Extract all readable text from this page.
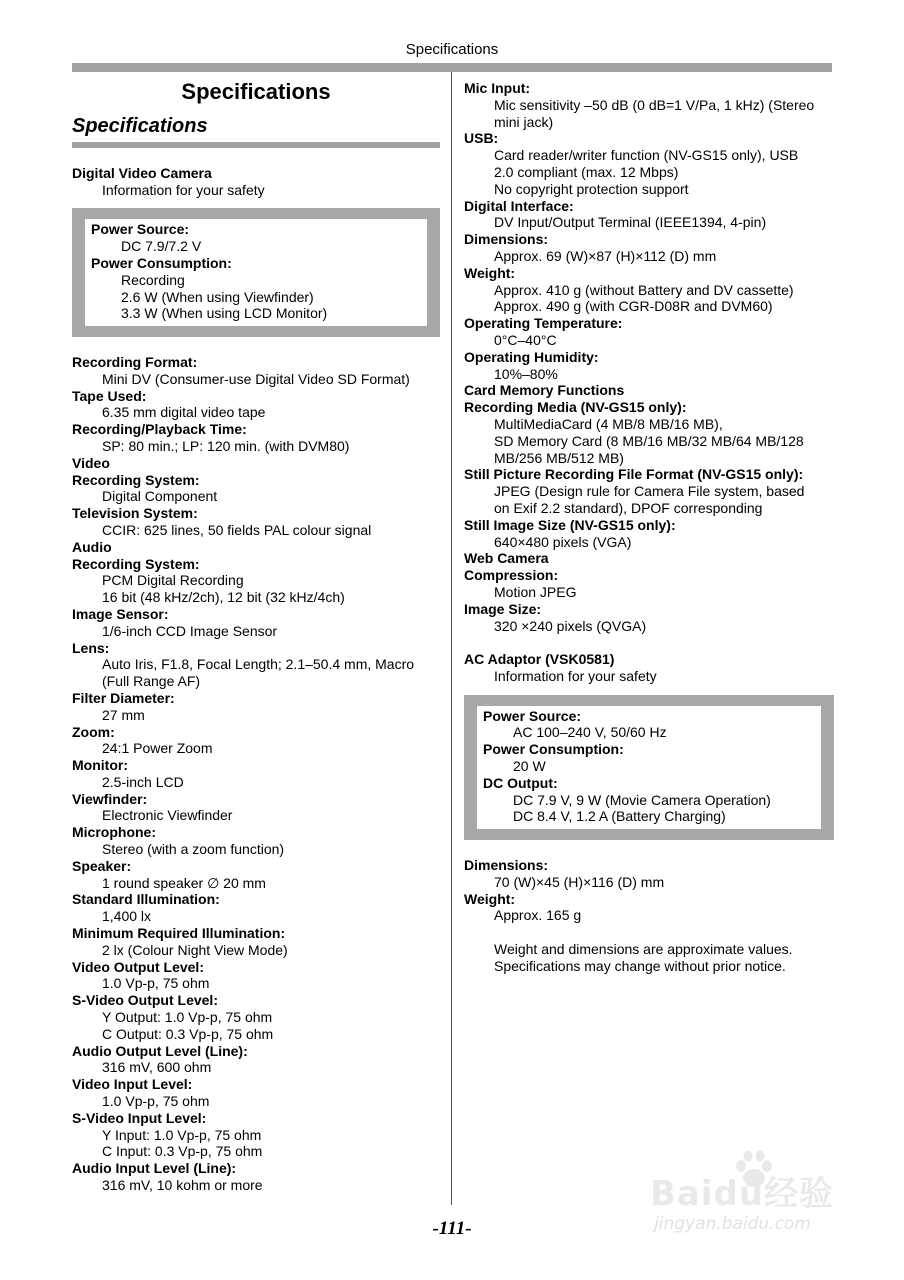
Specifications
Specifications
Specifications
Digital Video Camera
Information for your safety
Power Source:
DC 7.9/7.2 V
Power Consumption:
Recording
2.6 W (When using Viewfinder)
3.3 W (When using LCD Monitor)
Recording Format:
Mini DV (Consumer-use Digital Video SD Format)
Tape Used:
6.35 mm digital video tape
Recording/Playback Time:
SP: 80 min.; LP: 120 min. (with DVM80)
Video
Recording System:
Digital Component
Television System:
CCIR: 625 lines, 50 fields PAL colour signal
Audio
Recording System:
PCM Digital Recording
16 bit (48 kHz/2ch), 12 bit (32 kHz/4ch)
Image Sensor:
1/6-inch CCD Image Sensor
Lens:
Auto Iris, F1.8, Focal Length; 2.1–50.4 mm, Macro
(Full Range AF)
Filter Diameter:
27 mm
Zoom:
24:1 Power Zoom
Monitor:
2.5-inch LCD
Viewfinder:
Electronic Viewfinder
Microphone:
Stereo (with a zoom function)
Speaker:
1 round speaker ∅ 20 mm
Standard Illumination:
1,400 lx
Minimum Required Illumination:
2 lx (Colour Night View Mode)
Video Output Level:
1.0 Vp-p, 75 ohm
S-Video Output Level:
Y Output: 1.0 Vp-p, 75 ohm
C Output: 0.3 Vp-p, 75 ohm
Audio Output Level (Line):
316 mV, 600 ohm
Video Input Level:
1.0 Vp-p, 75 ohm
S-Video Input Level:
Y Input: 1.0 Vp-p, 75 ohm
C Input: 0.3 Vp-p, 75 ohm
Audio Input Level (Line):
316 mV, 10 kohm or more
Mic Input:
Mic sensitivity –50 dB (0 dB=1 V/Pa, 1 kHz) (Stereo
mini jack)
USB:
Card reader/writer function (NV-GS15 only), USB
2.0 compliant (max. 12 Mbps)
No copyright protection support
Digital Interface:
DV Input/Output Terminal (IEEE1394, 4-pin)
Dimensions:
Approx. 69 (W)×87 (H)×112 (D) mm
Weight:
Approx. 410 g (without Battery and DV cassette)
Approx. 490 g (with CGR-D08R and DVM60)
Operating Temperature:
0°C–40°C
Operating Humidity:
10%–80%
Card Memory Functions
Recording Media (NV-GS15 only):
MultiMediaCard (4 MB/8 MB/16 MB),
SD Memory Card (8 MB/16 MB/32 MB/64 MB/128
MB/256 MB/512 MB)
Still Picture Recording File Format (NV-GS15 only):
JPEG (Design rule for Camera File system, based
on Exif 2.2 standard), DPOF corresponding
Still Image Size (NV-GS15 only):
640×480 pixels (VGA)
Web Camera
Compression:
Motion JPEG
Image Size:
320 ×240 pixels (QVGA)
AC Adaptor (VSK0581)
Information for your safety
Power Source:
AC 100–240 V, 50/60 Hz
Power Consumption:
20 W
DC Output:
DC 7.9 V, 9 W (Movie Camera Operation)
DC 8.4 V, 1.2 A (Battery Charging)
Dimensions:
70 (W)×45 (H)×116 (D) mm
Weight:
Approx. 165 g
Weight and dimensions are approximate values.
Specifications may change without prior notice.
-111-
Baidu经验
jingyan.baidu.com
